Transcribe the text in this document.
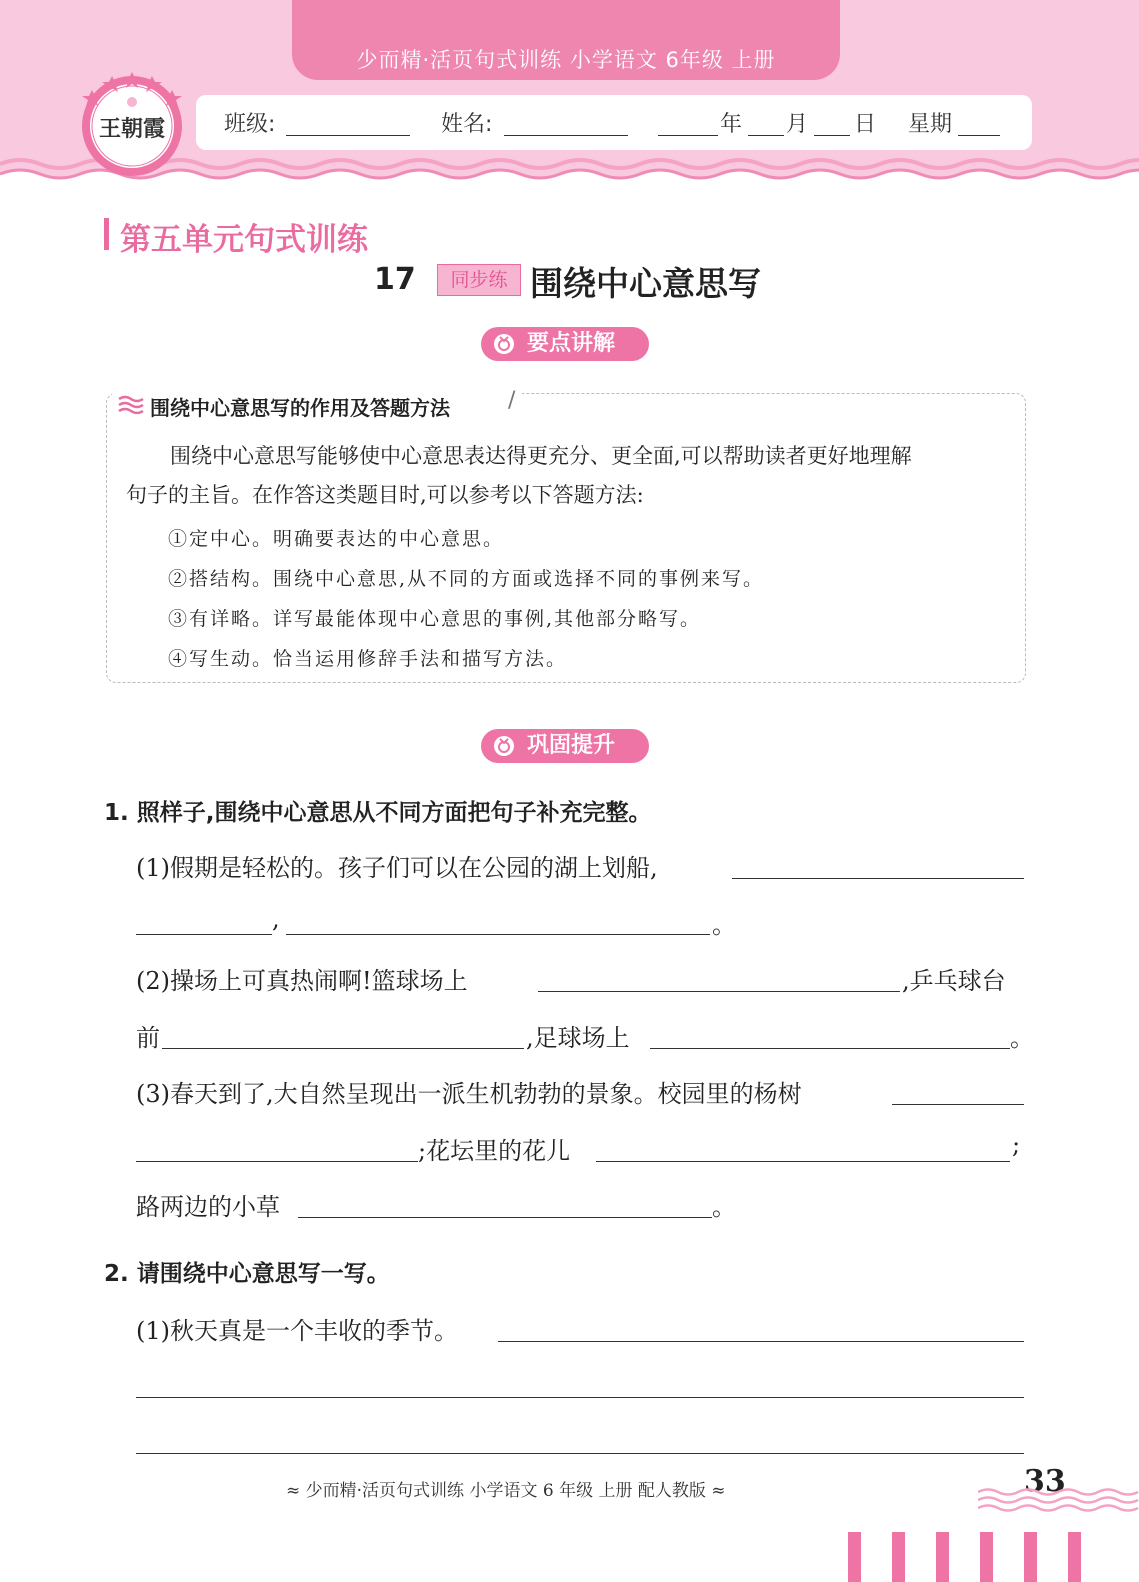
少而精·活页句式训练 小学语文 6年级 上册
王朝霞	班级:	姓名:	年 月 日 星期
第五单元句式训练
17	同步练 围绕中心意思写
要点讲解
围绕中心意思写的作用及答题方法	/
围绕中心意思写能够使中心意思表达得更充分、更全面,可以帮助读者更好地理解
句子的主旨。在作答这类题目时,可以参考以下答题方法:
①定中心。明确要表达的中心意思。
②搭结构。围绕中心意思,从不同的方面或选择不同的事例来写。
③有详略。详写最能体现中心意思的事例,其他部分略写。
④写生动。恰当运用修辞手法和描写方法。
巩固提升
1. 照样子,围绕中心意思从不同方面把句子补充完整。
(1)假期是轻松的。孩子们可以在公园的湖上划船,
,	。
(2)操场上可真热闹啊!篮球场上	,乒乓球台
前	,足球场上	。
(3)春天到了,大自然呈现出一派生机勃勃的景象。校园里的杨树
;花坛里的花儿	;
路两边的小草	。
2. 请围绕中心意思写一写。
(1)秋天真是一个丰收的季节。
≈ 少而精·活页句式训练 小学语文 6 年级 上册 配人教版 ≈	33
